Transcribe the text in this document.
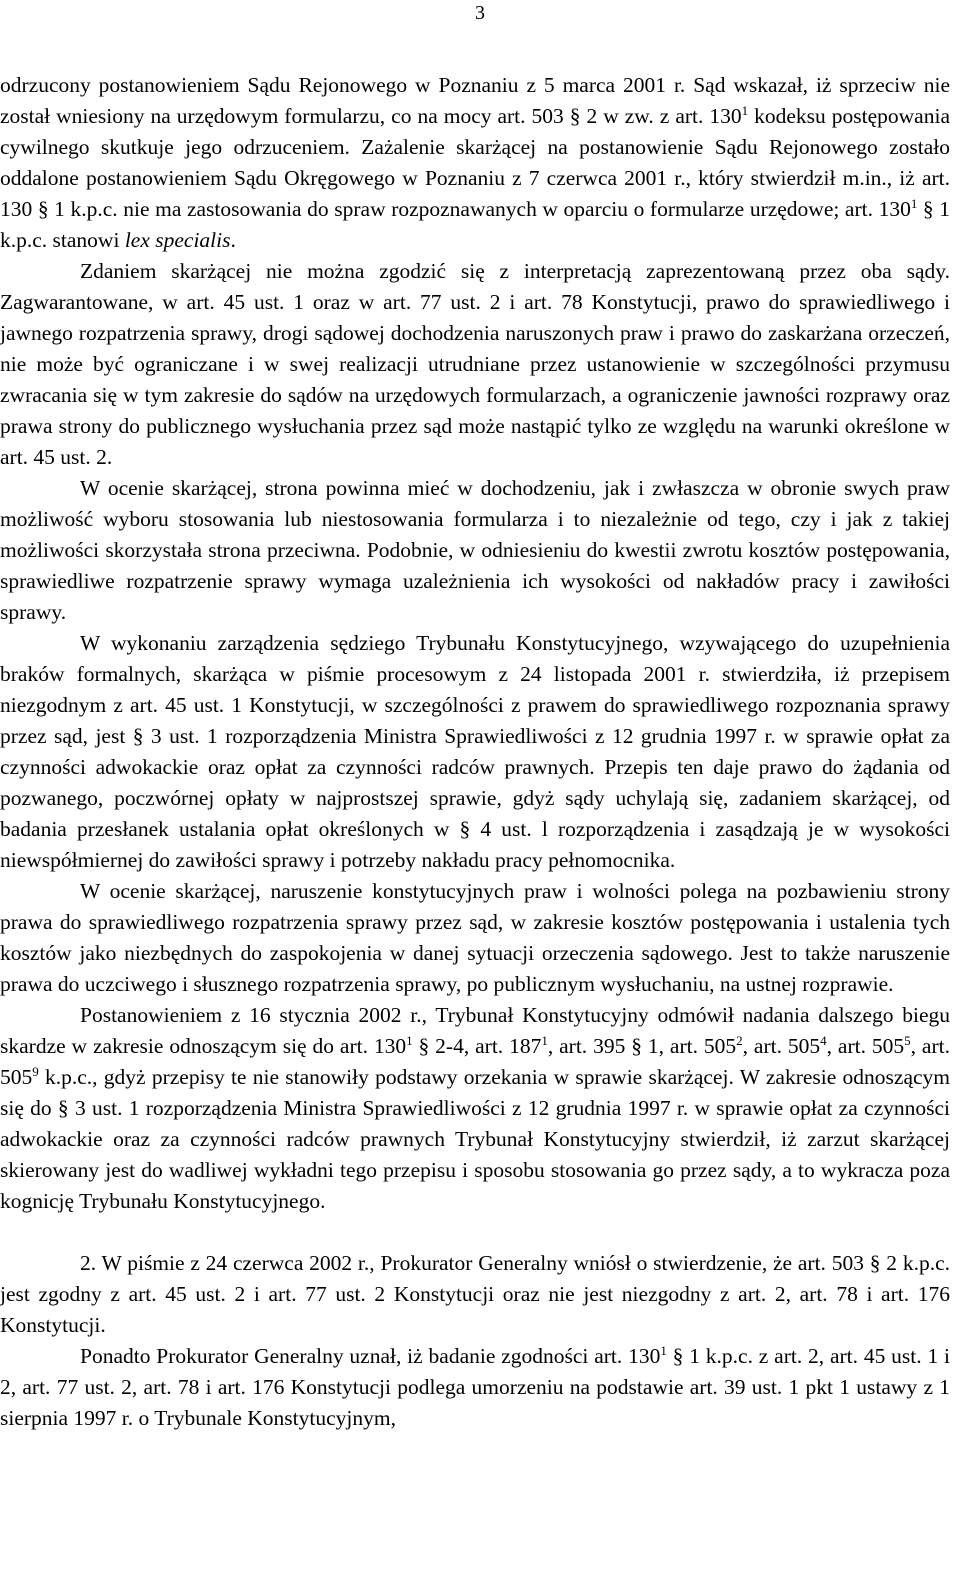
3

odrzucony postanowieniem Sądu Rejonowego w Poznaniu z 5 marca 2001 r. Sąd wskazał, iż sprzeciw nie został wniesiony na urzędowym formularzu, co na mocy art. 503 § 2 w zw. z art. $130^1$ kodeksu postępowania cywilnego skutkuje jego odrzuceniem. Zażalenie skarżącej na postanowienie Sądu Rejonowego zostało oddalone postanowieniem Sądu Okręgowego w Poznaniu z 7 czerwca 2001 r., który stwierdził m.in., iż art. 130 § 1 k.p.c. nie ma zastosowania do spraw rozpoznawanych w oparciu o formularze urzędowe; art. $130^1$ § 1 k.p.c. stanowi lex specialis.

Zdaniem skarżącej nie można zgodzić się z interpretacją zaprezentowaną przez oba sądy. Zagwarantowane, w art. 45 ust. 1 oraz w art. 77 ust. 2 i art. 78 Konstytucji, prawo do sprawiedliwego i jawnego rozpatrzenia sprawy, drogi sądowej dochodzenia naruszonych praw i prawo do zaskarżana orzeczeń, nie może być ograniczane i w swej realizacji utrudniane przez ustanowienie w szczególności przymusu zwracania się w tym zakresie do sądów na urzędowych formularzach, a ograniczenie jawności rozprawy oraz prawa strony do publicznego wysłuchania przez sąd może nastąpić tylko ze względu na warunki określone w art. 45 ust. 2.

W ocenie skarżącej, strona powinna mieć w dochodzeniu, jak i zwłaszcza w obronie swych praw możliwość wyboru stosowania lub niestosowania formularza i to niezależnie od tego, czy i jak z takiej możliwości skorzystała strona przeciwna. Podobnie, w odniesieniu do kwestii zwrotu kosztów postępowania, sprawiedliwe rozpatrzenie sprawy wymaga uzależnienia ich wysokości od nakładów pracy i zawiłości sprawy.

W wykonaniu zarządzenia sędziego Trybunału Konstytucyjnego, wzywającego do uzupełnienia braków formalnych, skarżąca w piśmie procesowym z 24 listopada 2001 r. stwierdziła, iż przepisem niezgodnym z art. 45 ust. 1 Konstytucji, w szczególności z prawem do sprawiedliwego rozpoznania sprawy przez sąd, jest § 3 ust. 1 rozporządzenia Ministra Sprawiedliwości z 12 grudnia 1997 r. w sprawie opłat za czynności adwokackie oraz opłat za czynności radców prawnych. Przepis ten daje prawo do żądania od pozwanego, poczwórnej opłaty w najprostszej sprawie, gdyż sądy uchylają się, zadaniem skarżącej, od badania przesłanek ustalania opłat określonych w § 4 ust. l rozporządzenia i zasądzają je w wysokości niewspółmiernej do zawiłości sprawy i potrzeby nakładu pracy pełnomocnika.

W ocenie skarżącej, naruszenie konstytucyjnych praw i wolności polega na pozbawieniu strony prawa do sprawiedliwego rozpatrzenia sprawy przez sąd, w zakresie kosztów postępowania i ustalenia tych kosztów jako niezbędnych do zaspokojenia w danej sytuacji orzeczenia sądowego. Jest to także naruszenie prawa do uczciwego i słusznego rozpatrzenia sprawy, po publicznym wysłuchaniu, na ustnej rozprawie.

Postanowieniem z 16 stycznia 2002 r., Trybunał Konstytucyjny odmówił nadania dalszego biegu skardze w zakresie odnoszącym się do art. $130^1$ § 2-4, art. $187^1$, art. 395 § 1, art. $505^2$, art. $505^4$, art. $505^5$, art. $505^9$ k.p.c., gdyż przepisy te nie stanowiły podstawy orzekania w sprawie skarżącej. W zakresie odnoszącym się do § 3 ust. 1 rozporządzenia Ministra Sprawiedliwości z 12 grudnia 1997 r. w sprawie opłat za czynności adwokackie oraz za czynności radców prawnych Trybunał Konstytucyjny stwierdził, iż zarzut skarżącej skierowany jest do wadliwej wykładni tego przepisu i sposobu stosowania go przez sądy, a to wykracza poza kognicję Trybunału Konstytucyjnego.

2. W piśmie z 24 czerwca 2002 r., Prokurator Generalny wniósł o stwierdzenie, że art. 503 § 2 k.p.c. jest zgodny z art. 45 ust. 2 i art. 77 ust. 2 Konstytucji oraz nie jest niezgodny z art. 2, art. 78 i art. 176 Konstytucji.

Ponadto Prokurator Generalny uznał, iż badanie zgodności art. $130^1$ § 1 k.p.c. z art. 2, art. 45 ust. 1 i 2, art. 77 ust. 2, art. 78 i art. 176 Konstytucji podlega umorzeniu na podstawie art. 39 ust. 1 pkt 1 ustawy z 1 sierpnia 1997 r. o Trybunale Konstytucyjnym,
